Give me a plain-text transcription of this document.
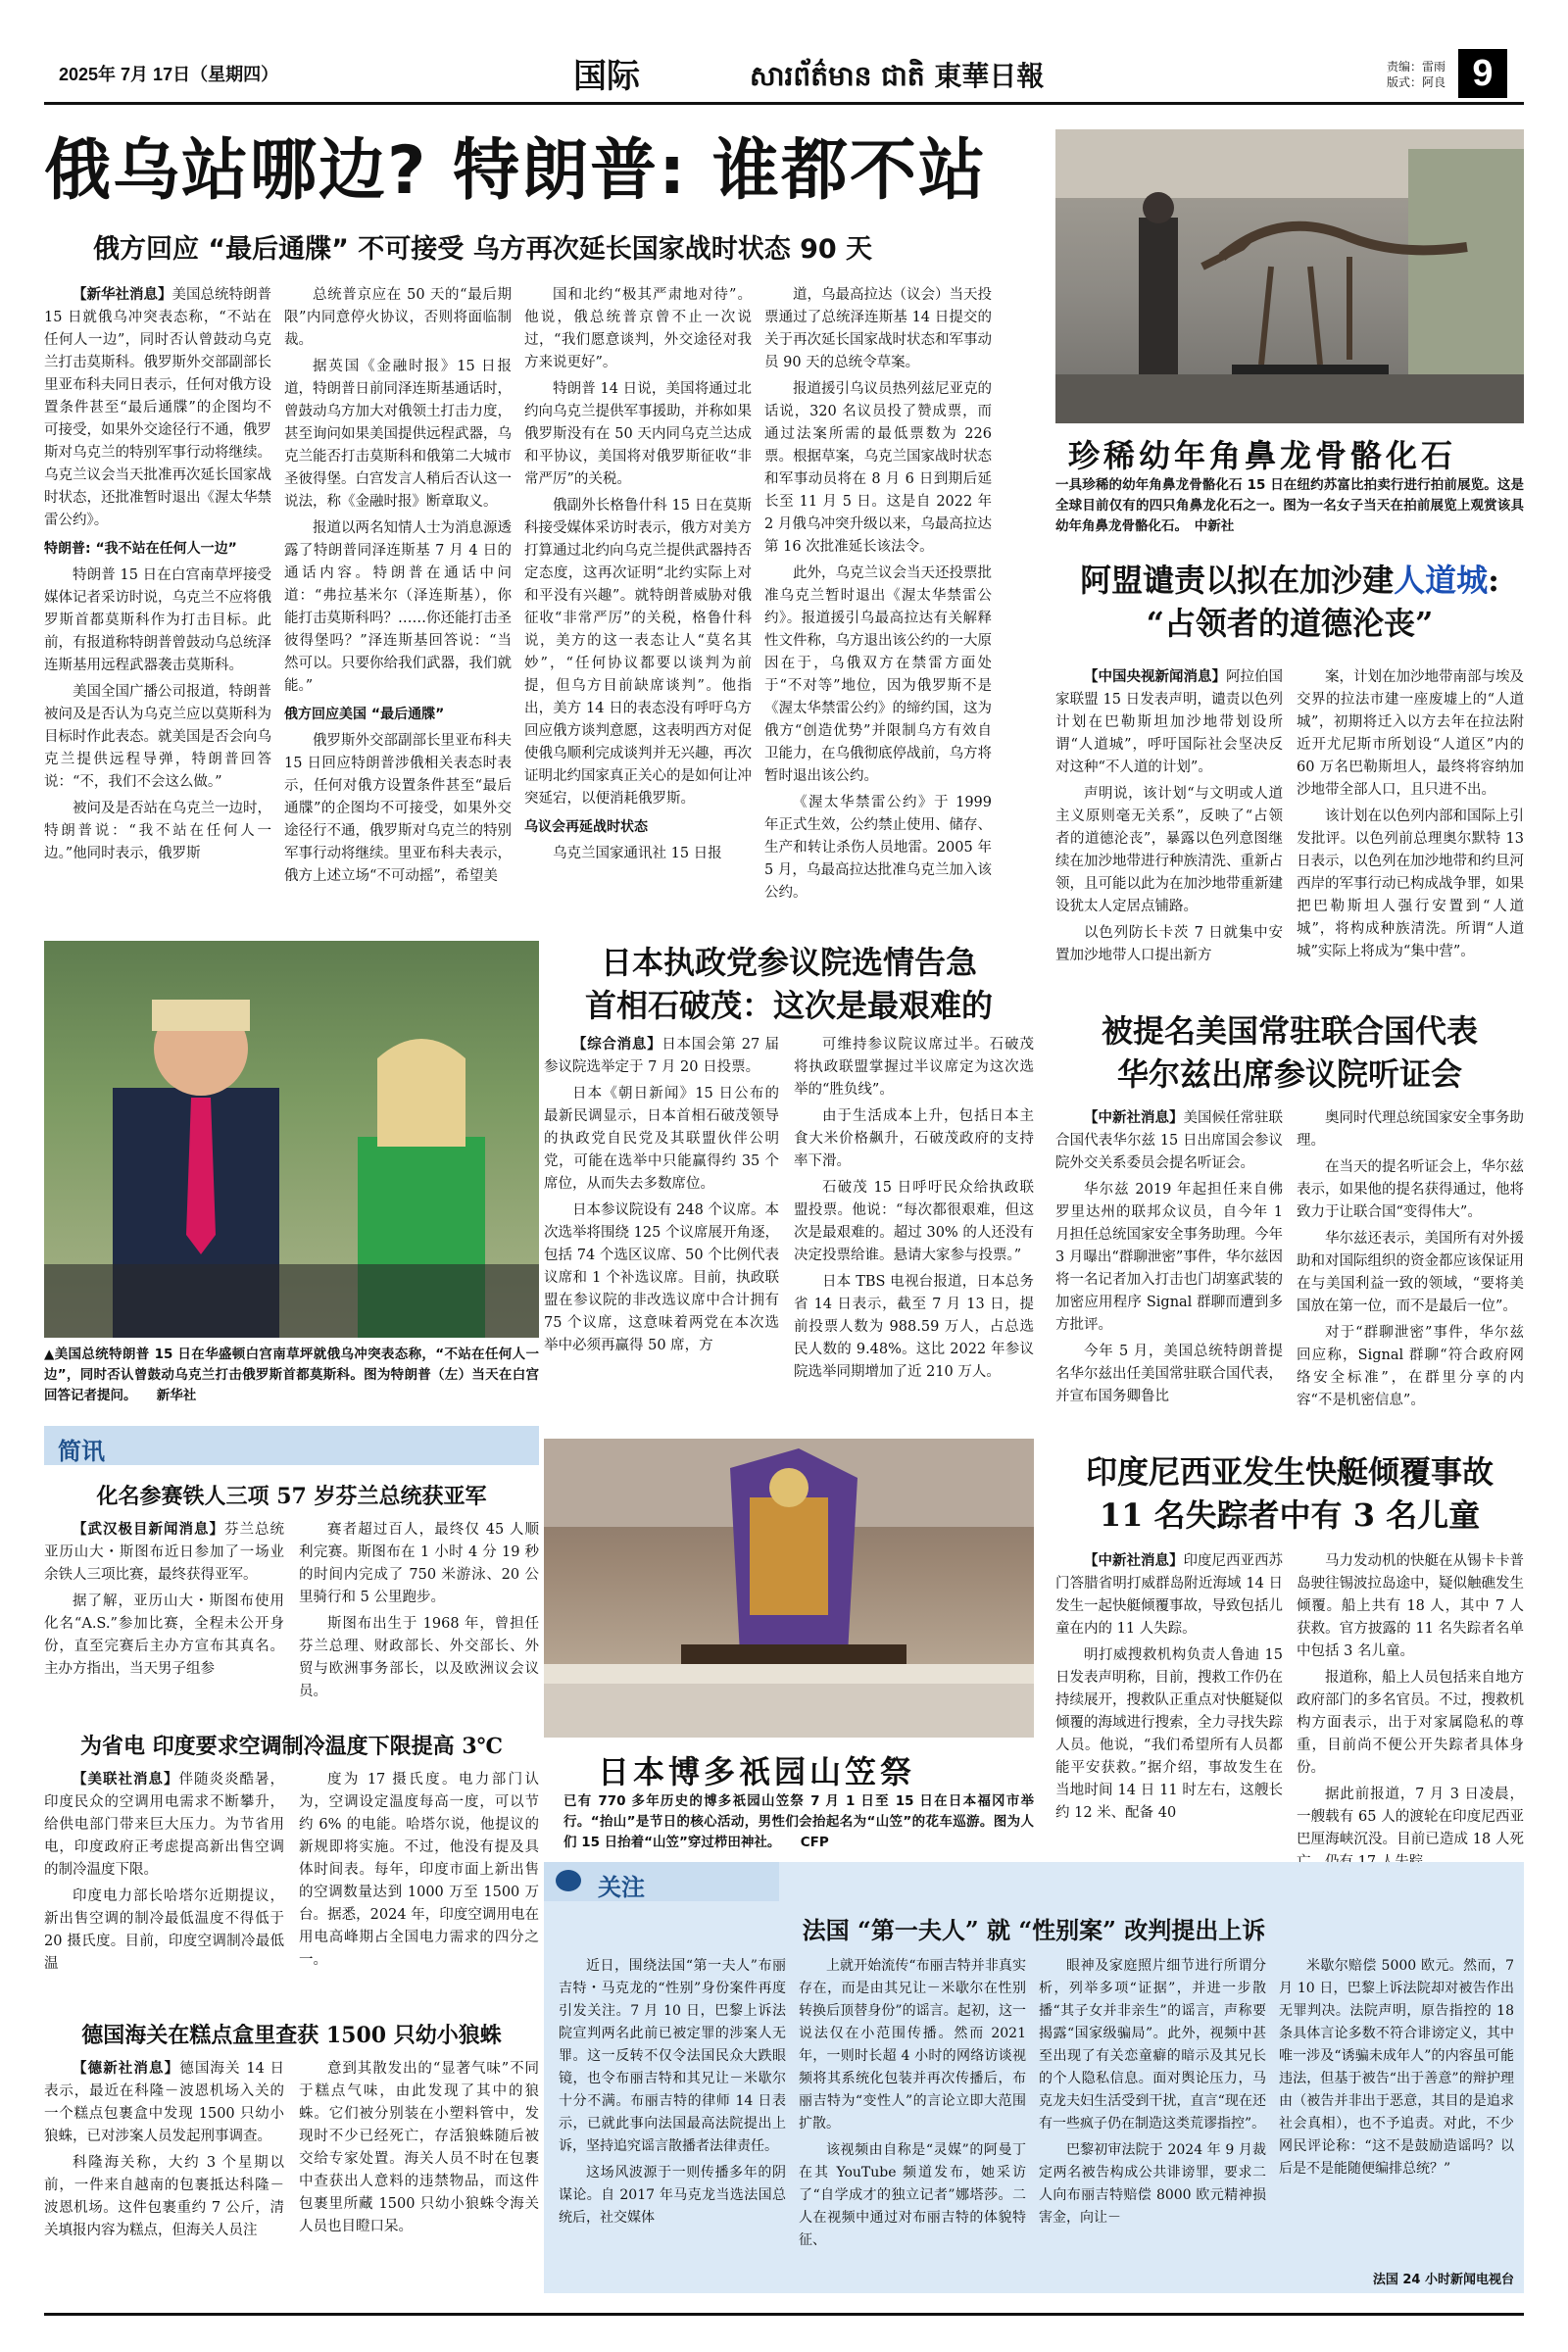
2025年 7月 17日（星期四）	国际	សារព័ត៌មាន ជាតិ 東華日報	责编：雷雨
版式：阿良 9
俄乌站哪边? 特朗普: 谁都不站
俄方回应 “最后通牒” 不可接受 乌方再次延长国家战时状态 90 天

【新华社消息】美国总统特朗普 15 日就俄乌冲突表态称，“不站在任何人一边”，同时否认曾鼓动乌克兰打击莫斯科。俄罗斯外交部副部长里亚布科夫同日表示，任何对俄方设置条件甚至“最后通牒”的企图均不可接受，如果外交途径行不通，俄罗斯对乌克兰的特别军事行动将继续。乌克兰议会当天批准再次延长国家战时状态，还批准暂时退出《渥太华禁雷公约》。

特朗普: “我不站在任何人一边”

特朗普 15 日在白宫南草坪接受媒体记者采访时说，乌克兰不应将俄罗斯首都莫斯科作为打击目标。此前，有报道称特朗普曾鼓动乌总统泽连斯基用远程武器袭击莫斯科。

美国全国广播公司报道，特朗普被问及是否认为乌克兰应以莫斯科为目标时作此表态。就美国是否会向乌克兰提供远程导弹，特朗普回答说：“不，我们不会这么做。”

被问及是否站在乌克兰一边时，特朗普说：“我不站在任何人一边。”他同时表示，俄罗斯

总统普京应在 50 天的“最后期限”内同意停火协议，否则将面临制裁。

据英国《金融时报》15 日报道，特朗普日前同泽连斯基通话时，曾鼓动乌方加大对俄领土打击力度，甚至询问如果美国提供远程武器，乌克兰能否打击莫斯科和俄第二大城市圣彼得堡。白宫发言人稍后否认这一说法，称《金融时报》断章取义。

报道以两名知情人士为消息源透露了特朗普同泽连斯基 7 月 4 日的通话内容。特朗普在通话中问道：“弗拉基米尔（泽连斯基），你能打击莫斯科吗？……你还能打击圣彼得堡吗？”泽连斯基回答说：“当然可以。只要你给我们武器，我们就能。”

俄方回应美国 “最后通牒”

俄罗斯外交部副部长里亚布科夫 15 日回应特朗普涉俄相关表态时表示，任何对俄方设置条件甚至“最后通牒”的企图均不可接受，如果外交途径行不通，俄罗斯对乌克兰的特别军事行动将继续。里亚布科夫表示，俄方上述立场“不可动摇”，希望美

国和北约“极其严肃地对待”。他说，俄总统普京曾不止一次说过，“我们愿意谈判，外交途径对我方来说更好”。

特朗普 14 日说，美国将通过北约向乌克兰提供军事援助，并称如果俄罗斯没有在 50 天内同乌克兰达成和平协议，美国将对俄罗斯征收“非常严厉”的关税。

俄副外长格鲁什科 15 日在莫斯科接受媒体采访时表示，俄方对美方打算通过北约向乌克兰提供武器持否定态度，这再次证明“北约实际上对和平没有兴趣”。就特朗普威胁对俄征收“非常严厉”的关税，格鲁什科说，美方的这一表态让人“莫名其妙”，“任何协议都要以谈判为前提，但乌方目前缺席谈判”。他指出，美方 14 日的表态没有呼吁乌方回应俄方谈判意愿，这表明西方对促使俄乌顺利完成谈判并无兴趣，再次证明北约国家真正关心的是如何让冲突延宕，以便消耗俄罗斯。

乌议会再延战时状态

乌克兰国家通讯社 15 日报

道，乌最高拉达（议会）当天投票通过了总统泽连斯基 14 日提交的关于再次延长国家战时状态和军事动员 90 天的总统令草案。

报道援引乌议员热列兹尼亚克的话说，320 名议员投了赞成票，而通过法案所需的最低票数为 226 票。根据草案，乌克兰国家战时状态和军事动员将在 8 月 6 日到期后延长至 11 月 5 日。这是自 2022 年 2 月俄乌冲突升级以来，乌最高拉达第 16 次批准延长该法令。

此外，乌克兰议会当天还投票批准乌克兰暂时退出《渥太华禁雷公约》。报道援引乌最高拉达有关解释性文件称，乌方退出该公约的一大原因在于，乌俄双方在禁雷方面处于“不对等”地位，因为俄罗斯不是《渥太华禁雷公约》的缔约国，这为俄方“创造优势”并限制乌方有效自卫能力，在乌俄彻底停战前，乌方将暂时退出该公约。

《渥太华禁雷公约》于 1999 年正式生效，公约禁止使用、储存、生产和转让杀伤人员地雷。2005 年 5 月，乌最高拉达批准乌克兰加入该公约。

珍稀幼年角鼻龙骨骼化石
一具珍稀的幼年角鼻龙骨骼化石 15 日在纽约苏富比拍卖行进行拍前展览。这是全球目前仅有的四只角鼻龙化石之一。图为一名女子当天在拍前展览上观赏该具幼年角鼻龙骨骼化石。　 中新社
阿盟谴责以拟在加沙建人道城:
“占领者的道德沦丧”

【中国央视新闻消息】阿拉伯国家联盟 15 日发表声明，谴责以色列计划在巴勒斯坦加沙地带划设所谓“人道城”，呼吁国际社会坚决反对这种“不人道的计划”。

声明说，该计划“与文明或人道主义原则毫无关系”，反映了“占领者的道德沦丧”，暴露以色列意图继续在加沙地带进行种族清洗、重新占领，且可能以此为在加沙地带重新建设犹太人定居点铺路。

以色列防长卡茨 7 日就集中安置加沙地带人口提出新方

案，计划在加沙地带南部与埃及交界的拉法市建一座废墟上的“人道城”，初期将迁入以方去年在拉法附近开尤尼斯市所划设“人道区”内的 60 万名巴勒斯坦人，最终将容纳加沙地带全部人口，且只进不出。

该计划在以色列内部和国际上引发批评。以色列前总理奥尔默特 13 日表示，以色列在加沙地带和约旦河西岸的军事行动已构成战争罪，如果把巴勒斯坦人强行安置到“人道城”，将构成种族清洗。所谓“人道城”实际上将成为“集中营”。

▲美国总统特朗普 15 日在华盛顿白宫南草坪就俄乌冲突表态称，“不站在任何人一边”，同时否认曾鼓动乌克兰打击俄罗斯首都莫斯科。图为特朗普（左）当天在白宫回答记者提问。　　 新华社
日本执政党参议院选情告急
首相石破茂：这次是最艰难的

【综合消息】日本国会第 27 届参议院选举定于 7 月 20 日投票。

日本《朝日新闻》15 日公布的最新民调显示，日本首相石破茂领导的执政党自民党及其联盟伙伴公明党，可能在选举中只能赢得约 35 个席位，从而失去多数席位。

日本参议院设有 248 个议席。本次选举将围绕 125 个议席展开角逐，包括 74 个选区议席、50 个比例代表议席和 1 个补选议席。目前，执政联盟在参议院的非改选议席中合计拥有 75 个议席，这意味着两党在本次选举中必须再赢得 50 席，方

可维持参议院议席过半。石破茂将执政联盟掌握过半议席定为这次选举的“胜负线”。

由于生活成本上升，包括日本主食大米价格飙升，石破茂政府的支持率下滑。

石破茂 15 日呼吁民众给执政联盟投票。他说：“每次都很艰难，但这次是最艰难的。超过 30% 的人还没有决定投票给谁。悬请大家参与投票。”

日本 TBS 电视台报道，日本总务省 14 日表示，截至 7 月 13 日，提前投票人数为 988.59 万人，占总选民人数的 9.48%。这比 2022 年参议院选举同期增加了近 210 万人。

被提名美国常驻联合国代表
华尔兹出席参议院听证会

【中新社消息】美国候任常驻联合国代表华尔兹 15 日出席国会参议院外交关系委员会提名听证会。

华尔兹 2019 年起担任来自佛罗里达州的联邦众议员，自今年 1 月担任总统国家安全事务助理。今年 3 月曝出“群聊泄密”事件，华尔兹因将一名记者加入打击也门胡塞武装的加密应用程序 Signal 群聊而遭到多方批评。

今年 5 月，美国总统特朗普提名华尔兹出任美国常驻联合国代表，并宣布国务卿鲁比

奥同时代理总统国家安全事务助理。

在当天的提名听证会上，华尔兹表示，如果他的提名获得通过，他将致力于让联合国“变得伟大”。

华尔兹还表示，美国所有对外援助和对国际组织的资金都应该保证用在与美国利益一致的领域，“要将美国放在第一位，而不是最后一位”。

对于“群聊泄密”事件，华尔兹回应称，Signal 群聊“符合政府网络安全标准”，在群里分享的内容“不是机密信息”。

印度尼西亚发生快艇倾覆事故
11 名失踪者中有 3 名儿童

【中新社消息】印度尼西亚西苏门答腊省明打威群岛附近海域 14 日发生一起快艇倾覆事故，导致包括儿童在内的 11 人失踪。

明打威搜救机构负责人鲁迪 15 日发表声明称，目前，搜救工作仍在持续展开，搜救队正重点对快艇疑似倾覆的海域进行搜索，全力寻找失踪人员。他说，“我们希望所有人员都能平安获救。”据介绍，事故发生在当地时间 14 日 11 时左右，这艘长约 12 米、配备 40

马力发动机的快艇在从锡卡卡普岛驶往锡波拉岛途中，疑似触礁发生倾覆。船上共有 18 人，其中 7 人获救。官方披露的 11 名失踪者名单中包括 3 名儿童。

报道称，船上人员包括来自地方政府部门的多名官员。不过，搜救机构方面表示，出于对家属隐私的尊重，目前尚不便公开失踪者具体身份。

据此前报道，7 月 3 日凌晨，一艘载有 65 人的渡轮在印度尼西亚巴厘海峡沉没。目前已造成 18 人死

简讯
化名参赛铁人三项 57 岁芬兰总统获亚军

【武汉极目新闻消息】芬兰总统亚历山大・斯图布近日参加了一场业余铁人三项比赛，最终获得亚军。

据了解，亚历山大・斯图布使用化名“A.S.”参加比赛，全程未公开身份，直至完赛后主办方宣布其真名。主办方指出，当天男子组参

赛者超过百人，最终仅 45 人顺利完赛。斯图布在 1 小时 4 分 19 秒的时间内完成了 750 米游泳、20 公里骑行和 5 公里跑步。

斯图布出生于 1968 年，曾担任芬兰总理、财政部长、外交部长、外贸与欧洲事务部长，以及欧洲议会议员。

为省电 印度要求空调制冷温度下限提高 3℃

【美联社消息】伴随炎炎酷暑，印度民众的空调用电需求不断攀升，给供电部门带来巨大压力。为节省用电，印度政府正考虑提高新出售空调的制冷温度下限。

印度电力部长哈塔尔近期提议，新出售空调的制冷最低温度不得低于 20 摄氏度。目前，印度空调制冷最低温

度为 17 摄氏度。电力部门认为，空调设定温度每高一度，可以节约 6% 的电能。哈塔尔说，他提议的新规即将实施。不过，他没有提及具体时间表。每年，印度市面上新出售的空调数量达到 1000 万至 1500 万台。据悉，2024 年，印度空调用电在用电高峰期占全国电力需求的四分之一。

德国海关在糕点盒里查获 1500 只幼小狼蛛

【德新社消息】德国海关 14 日表示，最近在科隆－波恩机场入关的一个糕点包裹盒中发现 1500 只幼小狼蛛，已对涉案人员发起刑事调查。

科隆海关称，大约 3 个星期以前，一件来自越南的包裹抵达科隆－波恩机场。这件包裹重约 7 公斤，清关填报内容为糕点，但海关人员注

意到其散发出的“显著气味”不同于糕点气味，由此发现了其中的狼蛛。它们被分别装在小塑料管中，发现时不少已经死亡，存活狼蛛随后被交给专家处置。海关人员不时在包裹中查获出人意料的违禁物品，而这件包裹里所藏 1500 只幼小狼蛛令海关人员也目瞪口呆。

日本博多祇园山笠祭
已有 770 多年历史的博多祇园山笠祭 7 月 1 日至 15 日在日本福冈市举行。“抬山”是节日的核心活动，男性们会抬起名为“山笠”的花车巡游。图为人们 15 日抬着“山笠”穿过栉田神社。　　 CFP
关注
法国 “第一夫人” 就 “性别案” 改判提出上诉

近日，围绕法国“第一夫人”布丽吉特・马克龙的“性别”身份案件再度引发关注。7 月 10 日，巴黎上诉法院宣判两名此前已被定罪的涉案人无罪。这一反转不仅令法国民众大跌眼镜，也令布丽吉特和其兄让－米歇尔十分不满。布丽吉特的律师 14 日表示，已就此事向法国最高法院提出上诉，坚持追究谣言散播者法律责任。

这场风波源于一则传播多年的阴谋论。自 2017 年马克龙当选法国总统后，社交媒体

上就开始流传“布丽吉特并非真实存在，而是由其兄让－米歇尔在性别转换后顶替身份”的谣言。起初，这一说法仅在小范围传播。然而 2021 年，一则时长超 4 小时的网络访谈视频将其系统化包装并再次传播后，布丽吉特为“变性人”的言论立即大范围扩散。

该视频由自称是“灵媒”的阿曼丁在其 YouTube 频道发布，她采访了“自学成才的独立记者”娜塔莎。二人在视频中通过对布丽吉特的体貌特征、

眼神及家庭照片细节进行所谓分析，列举多项“证据”，并进一步散播“其子女并非亲生”的谣言，声称要揭露“国家级骗局”。此外，视频中甚至出现了有关恋童癖的暗示及其兄长的个人隐私信息。面对舆论压力，马克龙夫妇生活受到干扰，直言“现在还有一些疯子仍在制造这类荒谬指控”。

巴黎初审法院于 2024 年 9 月裁定两名被告构成公共诽谤罪，要求二人向布丽吉特赔偿 8000 欧元精神损害金，向让－

米歇尔赔偿 5000 欧元。然而，7 月 10 日，巴黎上诉法院却对被告作出无罪判决。法院声明，原告指控的 18 条具体言论多数不符合诽谤定义，其中唯一涉及“诱骗未成年人”的内容虽可能违法，但基于被告“出于善意”的辩护理由（被告并非出于恶意，其目的是追求社会真相），也不予追责。对此，不少网民评论称：“这不是鼓励造谣吗？以后是不是能随便编排总统？”

法国 24 小时新闻电视台
